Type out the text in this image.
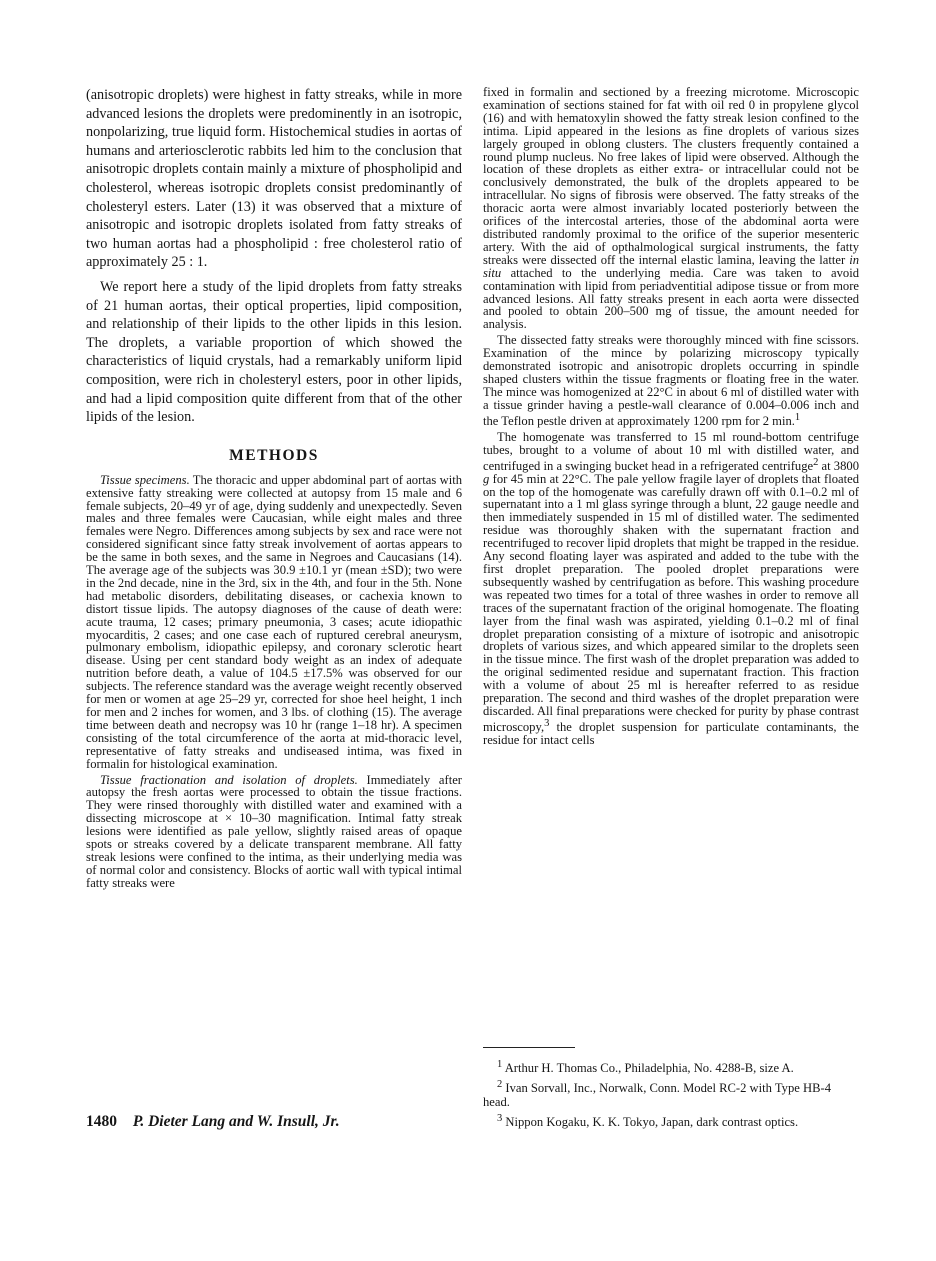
(anisotropic droplets) were highest in fatty streaks, while in more advanced lesions the droplets were predominently in an isotropic, nonpolarizing, true liquid form. Histochemical studies in aortas of humans and arteriosclerotic rabbits led him to the conclusion that anisotropic droplets contain mainly a mixture of phospholipid and cholesterol, whereas isotropic droplets consist predominantly of cholesteryl esters. Later (13) it was observed that a mixture of anisotropic and isotropic droplets isolated from fatty streaks of two human aortas had a phospholipid : free cholesterol ratio of approximately 25 : 1.

We report here a study of the lipid droplets from fatty streaks of 21 human aortas, their optical properties, lipid composition, and relationship of their lipids to the other lipids in this lesion. The droplets, a variable proportion of which showed the characteristics of liquid crystals, had a remarkably uniform lipid composition, were rich in cholesteryl esters, poor in other lipids, and had a lipid composition quite different from that of the other lipids of the lesion.

METHODS

Tissue specimens. The thoracic and upper abdominal part of aortas with extensive fatty streaking were collected at autopsy from 15 male and 6 female subjects, 20–49 yr of age, dying suddenly and unexpectedly. Seven males and three females were Caucasian, while eight males and three females were Negro. Differences among subjects by sex and race were not considered significant since fatty streak involvement of aortas appears to be the same in both sexes, and the same in Negroes and Caucasians (14). The average age of the subjects was 30.9 ±10.1 yr (mean ±SD); two were in the 2nd decade, nine in the 3rd, six in the 4th, and four in the 5th. None had metabolic disorders, debilitating diseases, or cachexia known to distort tissue lipids. The autopsy diagnoses of the cause of death were: acute trauma, 12 cases; primary pneumonia, 3 cases; acute idiopathic myocarditis, 2 cases; and one case each of ruptured cerebral aneurysm, pulmonary embolism, idiopathic epilepsy, and coronary sclerotic heart disease. Using per cent standard body weight as an index of adequate nutrition before death, a value of 104.5 ±17.5% was observed for our subjects. The reference standard was the average weight recently observed for men or women at age 25–29 yr, corrected for shoe heel height, 1 inch for men and 2 inches for women, and 3 lbs. of clothing (15). The average time between death and necropsy was 10 hr (range 1–18 hr). A specimen consisting of the total circumference of the aorta at mid-thoracic level, representative of fatty streaks and undiseased intima, was fixed in formalin for histological examination.

Tissue fractionation and isolation of droplets. Immediately after autopsy the fresh aortas were processed to obtain the tissue fractions. They were rinsed thoroughly with distilled water and examined with a dissecting microscope at × 10–30 magnification. Intimal fatty streak lesions were identified as pale yellow, slightly raised areas of opaque spots or streaks covered by a delicate transparent membrane. All fatty streak lesions were confined to the intima, as their underlying media was of normal color and consistency. Blocks of aortic wall with typical intimal fatty streaks were

fixed in formalin and sectioned by a freezing microtome. Microscopic examination of sections stained for fat with oil red 0 in propylene glycol (16) and with hematoxylin showed the fatty streak lesion confined to the intima. Lipid appeared in the lesions as fine droplets of various sizes largely grouped in oblong clusters. The clusters frequently contained a round plump nucleus. No free lakes of lipid were observed. Although the location of these droplets as either extra- or intracellular could not be conclusively demonstrated, the bulk of the droplets appeared to be intracellular. No signs of fibrosis were observed. The fatty streaks of the thoracic aorta were almost invariably located posteriorly between the orifices of the intercostal arteries, those of the abdominal aorta were distributed randomly proximal to the orifice of the superior mesenteric artery. With the aid of opthalmological surgical instruments, the fatty streaks were dissected off the internal elastic lamina, leaving the latter in situ attached to the underlying media. Care was taken to avoid contamination with lipid from periadventitial adipose tissue or from more advanced lesions. All fatty streaks present in each aorta were dissected and pooled to obtain 200–500 mg of tissue, the amount needed for analysis.

The dissected fatty streaks were thoroughly minced with fine scissors. Examination of the mince by polarizing microscopy typically demonstrated isotropic and anisotropic droplets occurring in spindle shaped clusters within the tissue fragments or floating free in the water. The mince was homogenized at 22°C in about 6 ml of distilled water with a tissue grinder having a pestle-wall clearance of 0.004–0.006 inch and the Teflon pestle driven at approximately 1200 rpm for 2 min.$^1$

The homogenate was transferred to 15 ml round-bottom centrifuge tubes, brought to a volume of about 10 ml with distilled water, and centrifuged in a swinging bucket head in a refrigerated centrifuge$^2$ at 3800 g for 45 min at 22°C. The pale yellow fragile layer of droplets that floated on the top of the homogenate was carefully drawn off with 0.1–0.2 ml of supernatant into a 1 ml glass syringe through a blunt, 22 gauge needle and then immediately suspended in 15 ml of distilled water. The sedimented residue was thoroughly shaken with the supernatant fraction and recentrifuged to recover lipid droplets that might be trapped in the residue. Any second floating layer was aspirated and added to the tube with the first droplet preparation. The pooled droplet preparations were subsequently washed by centrifugation as before. This washing procedure was repeated two times for a total of three washes in order to remove all traces of the supernatant fraction of the original homogenate. The floating layer from the final wash was aspirated, yielding 0.1–0.2 ml of final droplet preparation consisting of a mixture of isotropic and anisotropic droplets of various sizes, and which appeared similar to the droplets seen in the tissue mince. The first wash of the droplet preparation was added to the original sedimented residue and supernatant fraction. This fraction with a volume of about 25 ml is hereafter referred to as residue preparation. The second and third washes of the droplet preparation were discarded. All final preparations were checked for purity by phase contrast microscopy,$^3$ the droplet suspension for particulate contaminants, the residue for intact cells

$^1$ Arthur H. Thomas Co., Philadelphia, No. 4288-B, size A.

$^2$ Ivan Sorvall, Inc., Norwalk, Conn. Model RC-2 with Type HB-4 head.

$^3$ Nippon Kogaku, K. K. Tokyo, Japan, dark contrast optics.

1480 P. Dieter Lang and W. Insull, Jr.
